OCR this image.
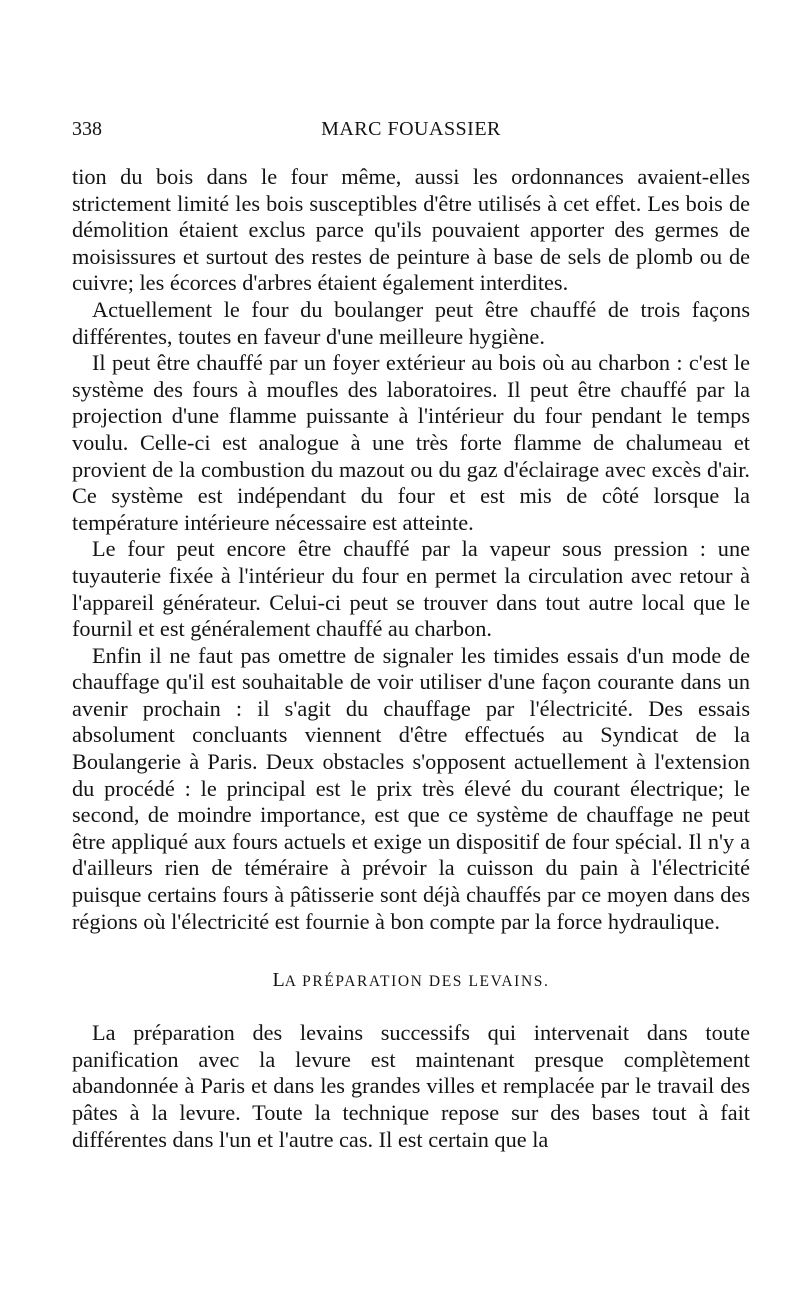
338	MARC FOUASSIER

tion du bois dans le four même, aussi les ordonnances avaient-elles strictement limité les bois susceptibles d'être utilisés à cet effet. Les bois de démolition étaient exclus parce qu'ils pouvaient apporter des germes de moisissures et surtout des restes de peinture à base de sels de plomb ou de cuivre; les écorces d'arbres étaient également interdites.

Actuellement le four du boulanger peut être chauffé de trois façons différentes, toutes en faveur d'une meilleure hygiène.

Il peut être chauffé par un foyer extérieur au bois où au charbon : c'est le système des fours à moufles des laboratoires. Il peut être chauffé par la projection d'une flamme puissante à l'intérieur du four pendant le temps voulu. Celle-ci est analogue à une très forte flamme de chalumeau et provient de la combustion du mazout ou du gaz d'éclairage avec excès d'air. Ce système est indépendant du four et est mis de côté lorsque la température intérieure nécessaire est atteinte.

Le four peut encore être chauffé par la vapeur sous pression : une tuyauterie fixée à l'intérieur du four en permet la circulation avec retour à l'appareil générateur. Celui-ci peut se trouver dans tout autre local que le fournil et est généralement chauffé au charbon.

Enfin il ne faut pas omettre de signaler les timides essais d'un mode de chauffage qu'il est souhaitable de voir utiliser d'une façon courante dans un avenir prochain : il s'agit du chauffage par l'électricité. Des essais absolument concluants viennent d'être effectués au Syndicat de la Boulangerie à Paris. Deux obstacles s'opposent actuellement à l'extension du procédé : le principal est le prix très élevé du courant électrique; le second, de moindre importance, est que ce système de chauffage ne peut être appliqué aux fours actuels et exige un dispositif de four spécial. Il n'y a d'ailleurs rien de téméraire à prévoir la cuisson du pain à l'électricité puisque certains fours à pâtisserie sont déjà chauffés par ce moyen dans des régions où l'électricité est fournie à bon compte par la force hydraulique.

LA PRÉPARATION DES LEVAINS.

La préparation des levains successifs qui intervenait dans toute panification avec la levure est maintenant presque complètement abandonnée à Paris et dans les grandes villes et remplacée par le travail des pâtes à la levure. Toute la technique repose sur des bases tout à fait différentes dans l'un et l'autre cas. Il est certain que la
